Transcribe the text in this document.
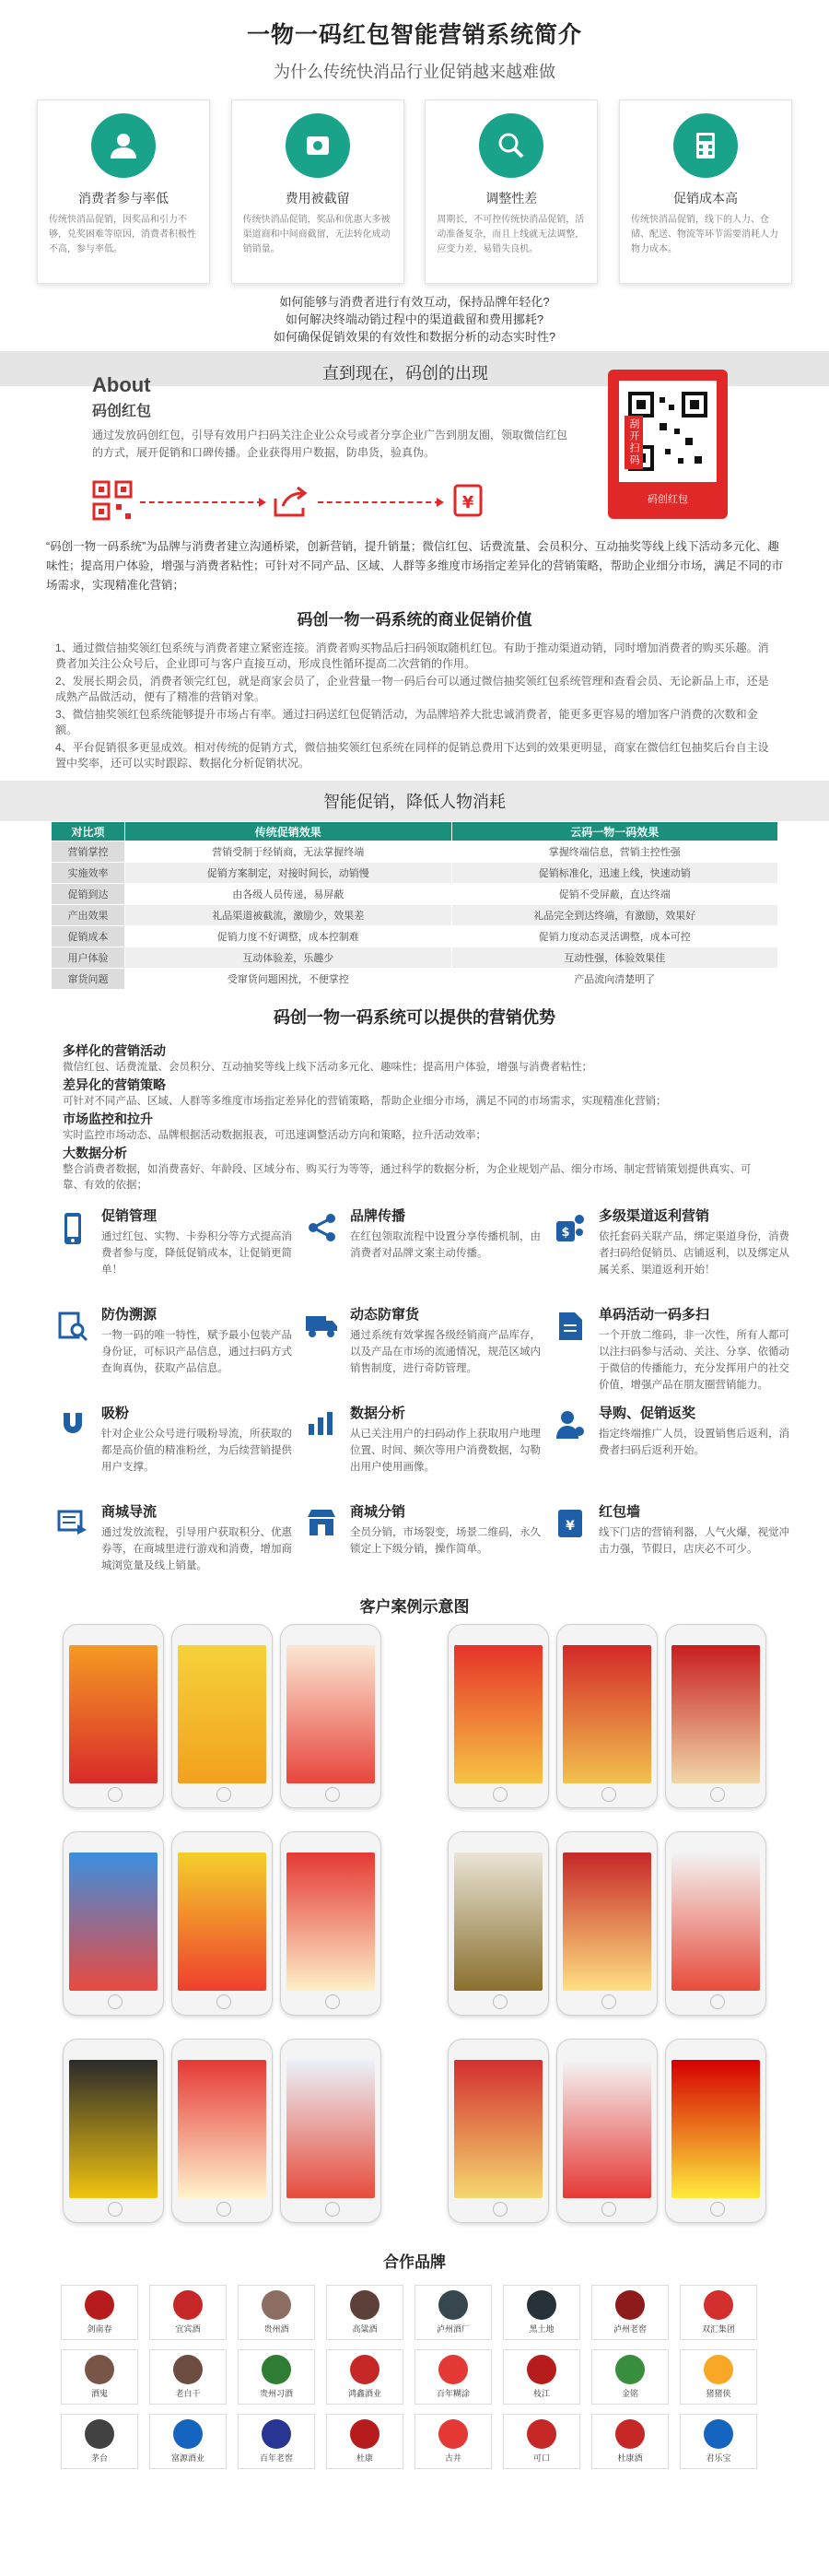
一物一码红包智能营销系统简介
为什么传统快消品行业促销越来越难做
消费者参与率低
传统快消品促销，因奖品和引力不够，兑奖困难等原因，消费者积极性不高，参与率低。
费用被截留
传统快消品促销，奖品和优惠大多被渠道商和中间商截留，无法转化成动销销量。
调整性差
周期长，不可控传统快消品促销，活动准备复杂，而且上线就无法调整，应变力差，易错失良机。
促销成本高
传统快消品促销，线下的人力、仓储、配送、物流等环节需要消耗人力物力成本。
如何能够与消费者进行有效互动，保持品牌年轻化?
如何解决终端动销过程中的渠道截留和费用挪耗?
如何确保促销效果的有效性和数据分析的动态实时性?
直到现在，码创的出现
About
码创红包
通过发放码创红包，引导有效用户扫码关注企业公众号或者分享企业广告到朋友圈，领取微信红包的方式，展开促销和口碑传播。企业获得用户数据，防串货，验真伪。
¥
刮开扫码
码创红包
“码创一物一码系统”为品牌与消费者建立沟通桥梁，创新营销，提升销量；微信红包、话费流量、会员积分、互动抽奖等线上线下活动多元化、趣味性；提高用户体验，增强与消费者粘性；可针对不同产品、区域、人群等多维度市场指定差异化的营销策略，帮助企业细分市场，满足不同的市场需求，实现精准化营销；
码创一物一码系统的商业促销价值
1、通过微信抽奖领红包系统与消费者建立紧密连接。消费者购买物品后扫码领取随机红包。有助于推动渠道动销，同时增加消费者的购买乐趣。消费者加关注公众号后，企业即可与客户直接互动，形成良性循环提高二次营销的作用。
2、发展长期会员，消费者领完红包，就是商家会员了，企业营量一物一码后台可以通过微信抽奖领红包系统管理和查看会员、无论新品上市，还是成熟产品做活动，便有了精准的营销对象。
3、微信抽奖领红包系统能够提升市场占有率。通过扫码送红包促销活动，为品牌培养大批忠诚消费者，能更多更容易的增加客户消费的次数和金额。
4、平台促销很多更显成效。相对传统的促销方式，微信抽奖领红包系统在同样的促销总费用下达到的效果更明显，商家在微信红包抽奖后台自主设置中奖率，还可以实时跟踪、数据化分析促销状况。
智能促销，降低人物消耗
对比项	传统促销效果	云码一物一码效果
营销掌控	营销受制于经销商，无法掌握终端	掌握终端信息，营销主控性强
实施效率	促销方案制定，对接时间长，动销慢	促销标准化，迅速上线，快速动销
促销到达	由各级人员传递，易屏蔽	促销不受屏蔽，直达终端
产出效果	礼品渠道被截流，激励少，效果差	礼品完全到达终端，有激励，效果好
促销成本	促销力度不好调整，成本控制难	促销力度动态灵活调整，成本可控
用户体验	互动体验差，乐趣少	互动性强，体验效果佳
窜货问题	受窜货问题困扰，不便掌控	产品流向清楚明了
码创一物一码系统可以提供的营销优势
多样化的营销活动
微信红包、话费流量、会员积分、互动抽奖等线上线下活动多元化、趣味性；提高用户体验，增强与消费者粘性；
差异化的营销策略
可针对不同产品、区域、人群等多维度市场指定差异化的营销策略，帮助企业细分市场，满足不同的市场需求，实现精准化营销；
市场监控和拉升
实时监控市场动态、品牌根据活动数据报表，可迅速调整活动方向和策略，拉升活动效率；
大数据分析
整合消费者数据，如消费喜好、年龄段、区域分布、购买行为等等，通过科学的数据分析，为企业规划产品、细分市场、制定营销策划提供真实、可靠、有效的依据；
促销管理
通过红包、实物、卡券积分等方式提高消费者参与度，降低促销成本，让促销更简单！
品牌传播
在红包领取流程中设置分享传播机制，由消费者对品牌文案主动传播。
$
多级渠道返利营销
依托套码关联产品，绑定渠道身份，消费者扫码给促销员、店铺返利，以及绑定从属关系、渠道返利开始！
防伪溯源
一物一码的唯一特性，赋予最小包装产品身份证，可标识产品信息，通过扫码方式查询真伪，获取产品信息。
动态防窜货
通过系统有效掌握各级经销商产品库存，以及产品在市场的流通情况，规范区域内销售制度，进行奇防管理。
单码活动一码多扫
一个开放二维码，非一次性，所有人都可以注扫码参与活动、关注、分享、依循动于微信的传播能力，充分发挥用户的社交价值，增强产品在朋友圈营销能力。
吸粉
针对企业公众号进行吸粉导流，所获取的都是高价值的精准粉丝，为后续营销提供用户支撑。
数据分析
从已关注用户的扫码动作上获取用户地理位置、时间、频次等用户消费数据，勾勒出用户使用画像。
导购、促销返奖
指定终端推广人员，设置销售后返利，消费者扫码后返利开始。
商城导流
通过发放流程，引导用户获取积分、优惠券等，在商城里进行游戏和消费，增加商城浏览量及线上销量。
商城分销
全员分销，市场裂变，场景二维码，永久锁定上下级分销，操作简单。
¥
红包墙
线下门店的营销利器，人气火爆，视觉冲击力强，节假日，店庆必不可少。
客户案例示意图
合作品牌
剑南春	宜宾酒	贵州酒	高粱酒	泸州酒厂	黑土地	泸州老窖	双汇集团
酒鬼	老白干	贵州习酒	鸿鑫酒业	百年糊涂	枝江	金铭	猪猪侠
茅台	富源酒业	百年老窖	杜康	古井	可口	杜康酒	君乐宝
